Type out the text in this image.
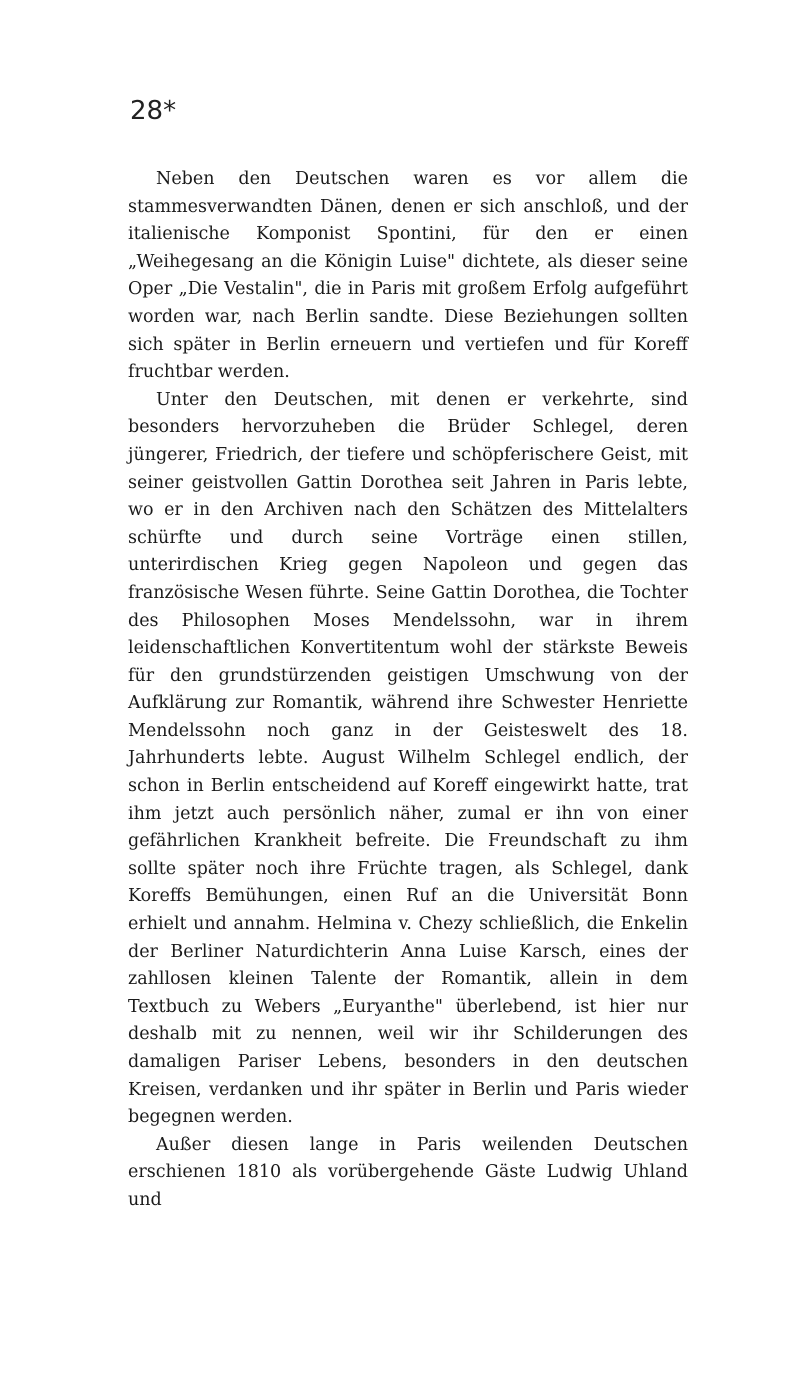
28*

Neben den Deutschen waren es vor allem die stammesverwandten Dänen, denen er sich anschloß, und der italienische Komponist Spontini, für den er einen „Weihegesang an die Königin Luise" dichtete, als dieser seine Oper „Die Vestalin", die in Paris mit großem Erfolg aufgeführt worden war, nach Berlin sandte. Diese Beziehungen sollten sich später in Berlin erneuern und vertiefen und für Koreff fruchtbar werden.

Unter den Deutschen, mit denen er verkehrte, sind besonders hervorzuheben die Brüder Schlegel, deren jüngerer, Friedrich, der tiefere und schöpferischere Geist, mit seiner geistvollen Gattin Dorothea seit Jahren in Paris lebte, wo er in den Archiven nach den Schätzen des Mittelalters schürfte und durch seine Vorträge einen stillen, unterirdischen Krieg gegen Napoleon und gegen das französische Wesen führte. Seine Gattin Dorothea, die Tochter des Philosophen Moses Mendelssohn, war in ihrem leidenschaftlichen Konvertitentum wohl der stärkste Beweis für den grundstürzenden geistigen Umschwung von der Aufklärung zur Romantik, während ihre Schwester Henriette Mendelssohn noch ganz in der Geisteswelt des 18. Jahrhunderts lebte. August Wilhelm Schlegel endlich, der schon in Berlin entscheidend auf Koreff eingewirkt hatte, trat ihm jetzt auch persönlich näher, zumal er ihn von einer gefährlichen Krankheit befreite. Die Freundschaft zu ihm sollte später noch ihre Früchte tragen, als Schlegel, dank Koreffs Bemühungen, einen Ruf an die Universität Bonn erhielt und annahm. Helmina v. Chezy schließlich, die Enkelin der Berliner Naturdichterin Anna Luise Karsch, eines der zahllosen kleinen Talente der Romantik, allein in dem Textbuch zu Webers „Euryanthe" überlebend, ist hier nur deshalb mit zu nennen, weil wir ihr Schilderungen des damaligen Pariser Lebens, besonders in den deutschen Kreisen, verdanken und ihr später in Berlin und Paris wieder begegnen werden.

Außer diesen lange in Paris weilenden Deutschen erschienen 1810 als vorübergehende Gäste Ludwig Uhland und
